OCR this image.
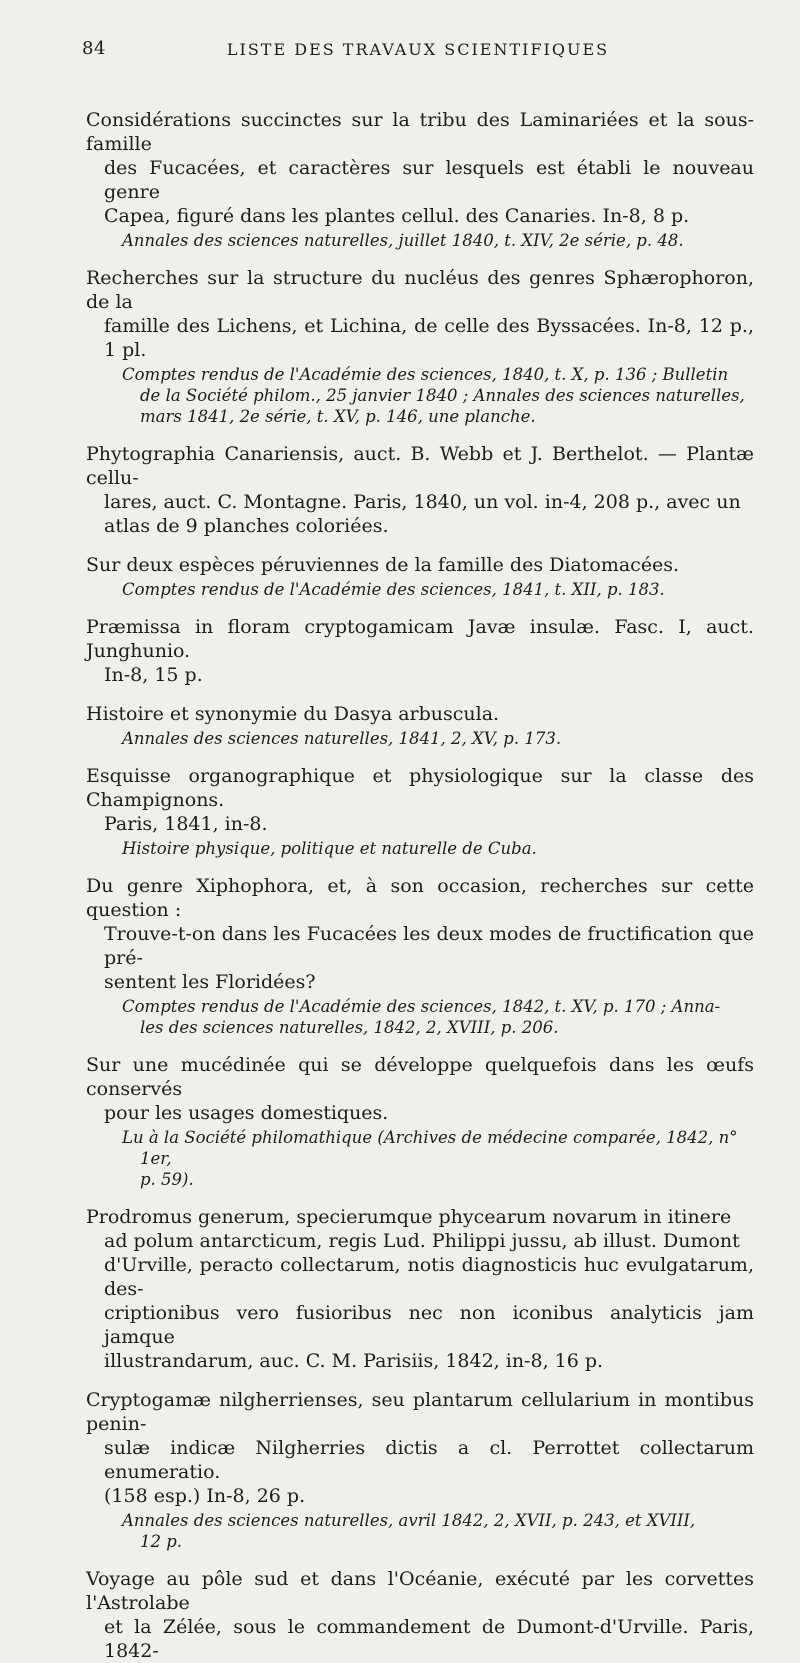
84	LISTE DES TRAVAUX SCIENTIFIQUES

Considérations succinctes sur la tribu des Laminariées et la sous-famille
des Fucacées, et caractères sur lesquels est établi le nouveau genre
Capea, figuré dans les plantes cellul. des Canaries. In-8, 8 p.

Annales des sciences naturelles, juillet 1840, t. XIV, 2e série, p. 48.

Recherches sur la structure du nucléus des genres Sphærophoron, de la
famille des Lichens, et Lichina, de celle des Byssacées. In-8, 12 p., 1 pl.

Comptes rendus de l'Académie des sciences, 1840, t. X, p. 136 ; Bulletin
de la Société philom., 25 janvier 1840 ; Annales des sciences naturelles,
mars 1841, 2e série, t. XV, p. 146, une planche.

Phytographia Canariensis, auct. B. Webb et J. Berthelot. — Plantæ cellu-
lares, auct. C. Montagne. Paris, 1840, un vol. in-4, 208 p., avec un
atlas de 9 planches coloriées.

Sur deux espèces péruviennes de la famille des Diatomacées.

Comptes rendus de l'Académie des sciences, 1841, t. XII, p. 183.

Præmissa in floram cryptogamicam Javæ insulæ. Fasc. I, auct. Junghunio.
In-8, 15 p.

Histoire et synonymie du Dasya arbuscula.

Annales des sciences naturelles, 1841, 2, XV, p. 173.

Esquisse organographique et physiologique sur la classe des Champignons.
Paris, 1841, in-8.

Histoire physique, politique et naturelle de Cuba.

Du genre Xiphophora, et, à son occasion, recherches sur cette question :
Trouve-t-on dans les Fucacées les deux modes de fructification que pré-
sentent les Floridées?

Comptes rendus de l'Académie des sciences, 1842, t. XV, p. 170 ; Anna-
les des sciences naturelles, 1842, 2, XVIII, p. 206.

Sur une mucédinée qui se développe quelquefois dans les œufs conservés
pour les usages domestiques.

Lu à la Société philomathique (Archives de médecine comparée, 1842, n° 1er,
p. 59).

Prodromus generum, specierumque phycearum novarum in itinere
ad polum antarcticum, regis Lud. Philippi jussu, ab illust. Dumont
d'Urville, peracto collectarum, notis diagnosticis huc evulgatarum, des-
criptionibus vero fusioribus nec non iconibus analyticis jam jamque
illustrandarum, auc. C. M. Parisiis, 1842, in-8, 16 p.

Cryptogamæ nilgherrienses, seu plantarum cellularium in montibus penin-
sulæ indicæ Nilgherries dictis a cl. Perrottet collectarum enumeratio.
(158 esp.) In-8, 26 p.

Annales des sciences naturelles, avril 1842, 2, XVII, p. 243, et XVIII,
12 p.

Voyage au pôle sud et dans l'Océanie, exécuté par les corvettes l'Astrolabe
et la Zélée, sous le commandement de Dumont-d'Urville. Paris, 1842-
